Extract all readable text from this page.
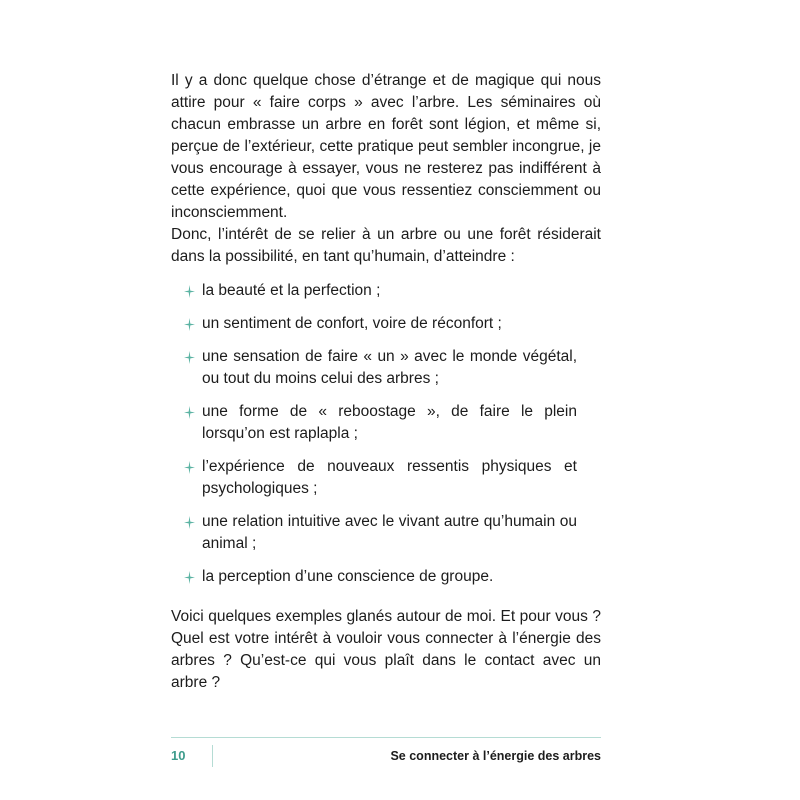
Il y a donc quelque chose d’étrange et de magique qui nous attire pour « faire corps » avec l’arbre. Les séminaires où chacun embrasse un arbre en forêt sont légion, et même si, perçue de l’extérieur, cette pratique peut sembler incongrue, je vous encourage à essayer, vous ne resterez pas indifférent à cette expérience, quoi que vous ressentiez consciemment ou inconsciemment.

Donc, l’intérêt de se relier à un arbre ou une forêt résiderait dans la possibilité, en tant qu’humain, d’atteindre :

la beauté et la perfection ;
un sentiment de confort, voire de réconfort ;
une sensation de faire « un » avec le monde végétal, ou tout du moins celui des arbres ;
une forme de « reboostage », de faire le plein lorsqu’on est raplapla ;
l’expérience de nouveaux ressentis physiques et psychologiques ;
une relation intuitive avec le vivant autre qu’humain ou animal ;
la perception d’une conscience de groupe.

Voici quelques exemples glanés autour de moi. Et pour vous ? Quel est votre intérêt à vouloir vous connecter à l’énergie des arbres ? Qu’est-ce qui vous plaît dans le contact avec un arbre ?

10	Se connecter à l’énergie des arbres
